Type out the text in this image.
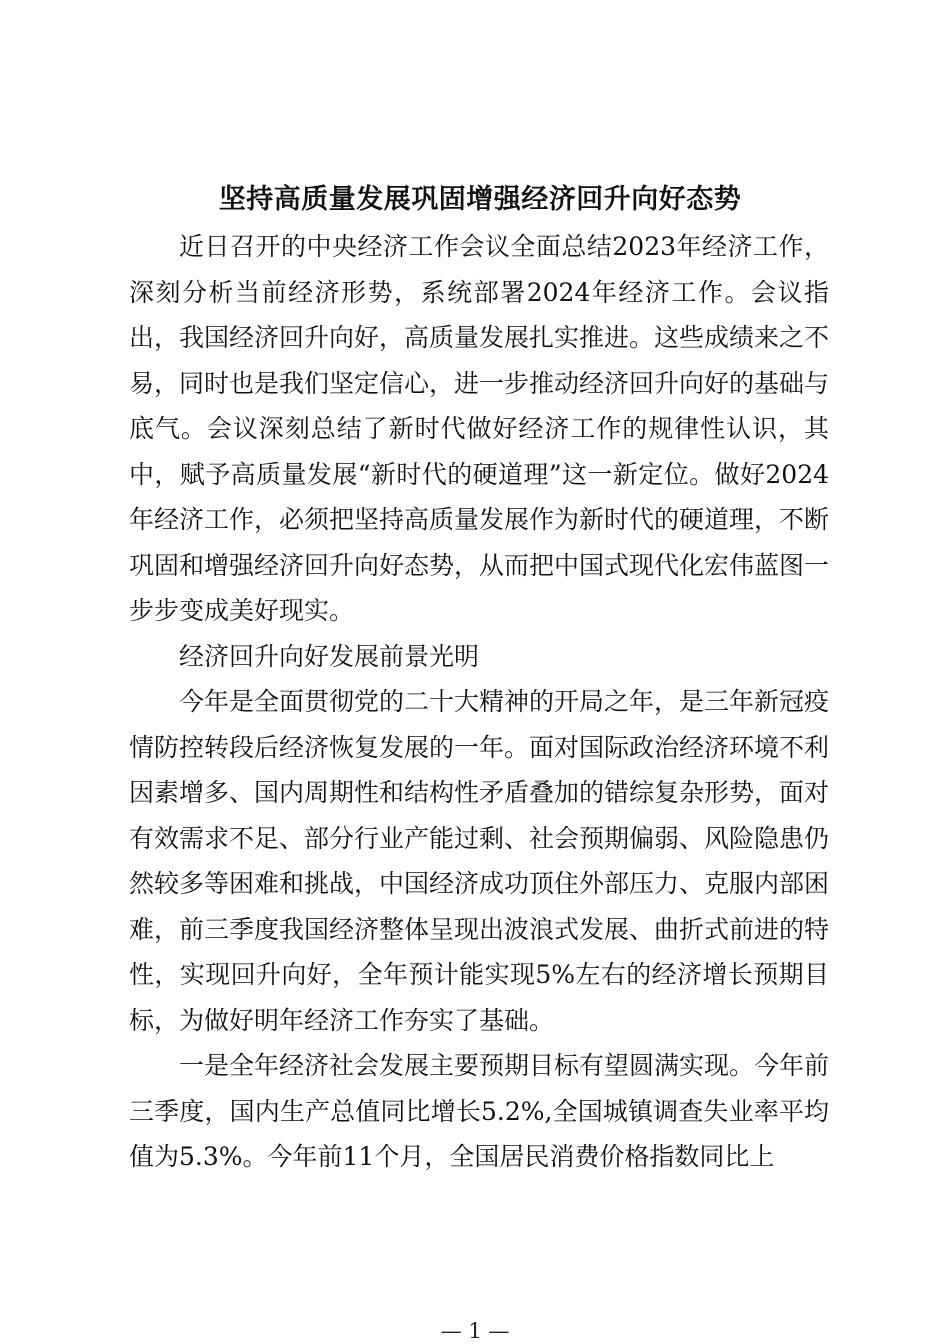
坚持高质量发展巩固增强经济回升向好态势

近日召开的中央经济工作会议全面总结2023年经济工作，深刻分析当前经济形势，系统部署2024年经济工作。会议指出，我国经济回升向好，高质量发展扎实推进。这些成绩来之不易，同时也是我们坚定信心，进一步推动经济回升向好的基础与底气。会议深刻总结了新时代做好经济工作的规律性认识，其中，赋予高质量发展“新时代的硬道理”这一新定位。做好2024年经济工作，必须把坚持高质量发展作为新时代的硬道理，不断巩固和增强经济回升向好态势，从而把中国式现代化宏伟蓝图一步步变成美好现实。

经济回升向好发展前景光明

今年是全面贯彻党的二十大精神的开局之年，是三年新冠疫情防控转段后经济恢复发展的一年。面对国际政治经济环境不利因素增多、国内周期性和结构性矛盾叠加的错综复杂形势，面对有效需求不足、部分行业产能过剩、社会预期偏弱、风险隐患仍然较多等困难和挑战，中国经济成功顶住外部压力、克服内部困难，前三季度我国经济整体呈现出波浪式发展、曲折式前进的特性，实现回升向好，全年预计能实现5%左右的经济增长预期目标，为做好明年经济工作夯实了基础。

一是全年经济社会发展主要预期目标有望圆满实现。今年前三季度，国内生产总值同比增长5.2%,全国城镇调查失业率平均值为5.3%。今年前11个月，全国居民消费价格指数同比上

— 1 —
